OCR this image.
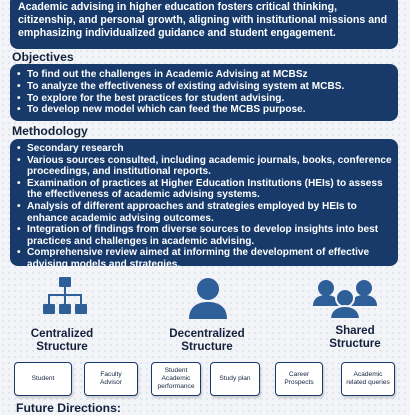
Academic advising in higher education fosters critical thinking, citizenship, and personal growth, aligning with institutional missions and emphasizing individualized guidance and student engagement.
Objectives
• To find out the challenges in Academic Advising at MCBSz
• To analyze the effectiveness of existing advising system at MCBS.
• To explore for the best practices for student advising.
• To develop new model which can feed the MCBS purpose.
Methodology
• Secondary research
• Various sources consulted, including academic journals, books, conference proceedings, and institutional reports.
• Examination of practices at Higher Education Institutions (HEIs) to assess the effectiveness of academic advising systems.
• Analysis of different approaches and strategies employed by HEIs to enhance academic advising outcomes.
• Integration of findings from diverse sources to develop insights into best practices and challenges in academic advising.
• Comprehensive review aimed at informing the development of effective advising models and strategies.
Centralized
Structure
Decentralized
Structure
Shared
Structure
Student
Faculty Advisor
Student Academic performance
Study plan
Career Prospects
Academic related queries
Future Directions:
